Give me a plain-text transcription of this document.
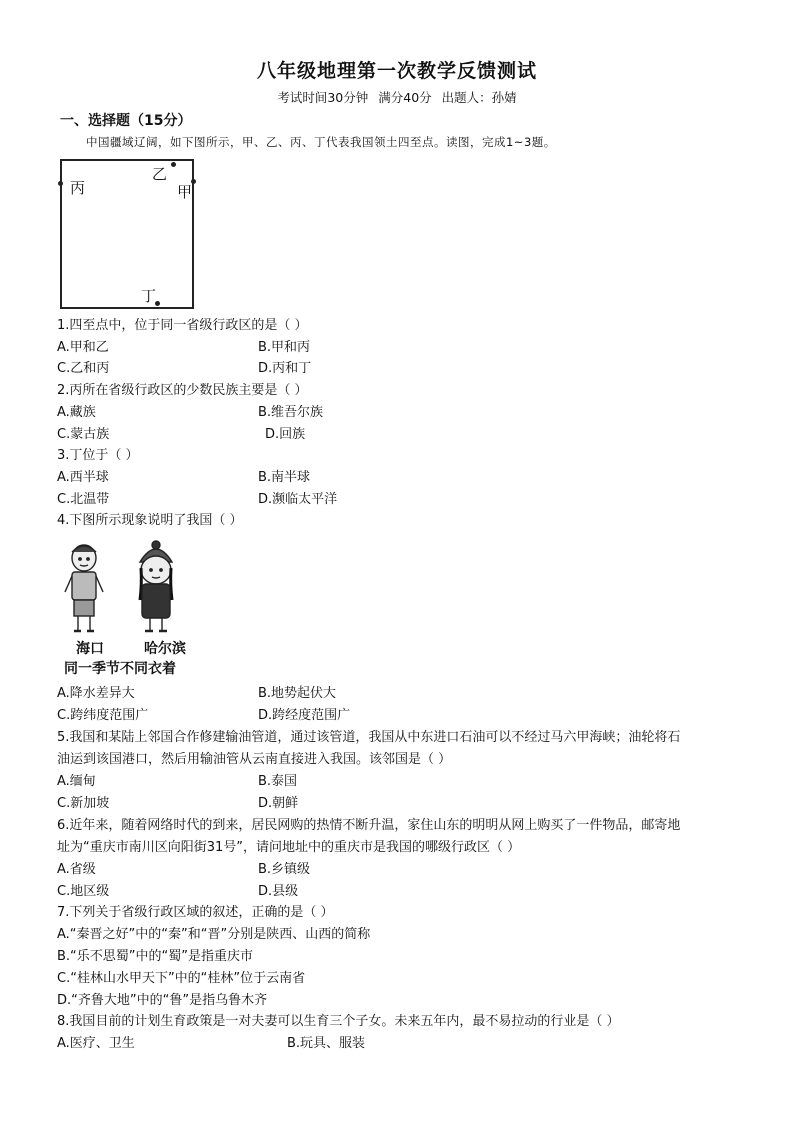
八年级地理第一次教学反馈测试
考试时间30分钟 满分40分 出题人：孙婧
一、选择题（15分）
中国疆域辽阔，如下图所示，甲、乙、丙、丁代表我国领土四至点。读图，完成1~3题。
丙
乙
甲
丁
1.四至点中，位于同一省级行政区的是（ ）
A.甲和乙	B.甲和丙
C.乙和丙	D.丙和丁
2.丙所在省级行政区的少数民族主要是（ ）
A.藏族	B.维吾尔族
C.蒙古族	D.回族
3.丁位于（ ）
A.西半球	B.南半球
C.北温带	D.濒临太平洋
4.下图所示现象说明了我国（ ）
海口	哈尔滨
同一季节不同衣着
A.降水差异大	B.地势起伏大
C.跨纬度范围广	D.跨经度范围广
5.我国和某陆上邻国合作修建输油管道，通过该管道，我国从中东进口石油可以不经过马六甲海峡；油轮将石
油运到该国港口，然后用输油管从云南直接进入我国。该邻国是（ ）
A.缅甸	B.泰国
C.新加坡	D.朝鲜
6.近年来，随着网络时代的到来，居民网购的热情不断升温，家住山东的明明从网上购买了一件物品，邮寄地
址为“重庆市南川区向阳街31号”，请问地址中的重庆市是我国的哪级行政区（ ）
A.省级	B.乡镇级
C.地区级	D.县级
7.下列关于省级行政区域的叙述，正确的是（ ）
A.“秦晋之好”中的“秦”和“晋”分别是陕西、山西的简称
B.“乐不思蜀”中的“蜀”是指重庆市
C.“桂林山水甲天下”中的“桂林”位于云南省
D.“齐鲁大地”中的“鲁”是指乌鲁木齐
8.我国目前的计划生育政策是一对夫妻可以生育三个子女。未来五年内，最不易拉动的行业是（ ）
A.医疗、卫生	B.玩具、服装
